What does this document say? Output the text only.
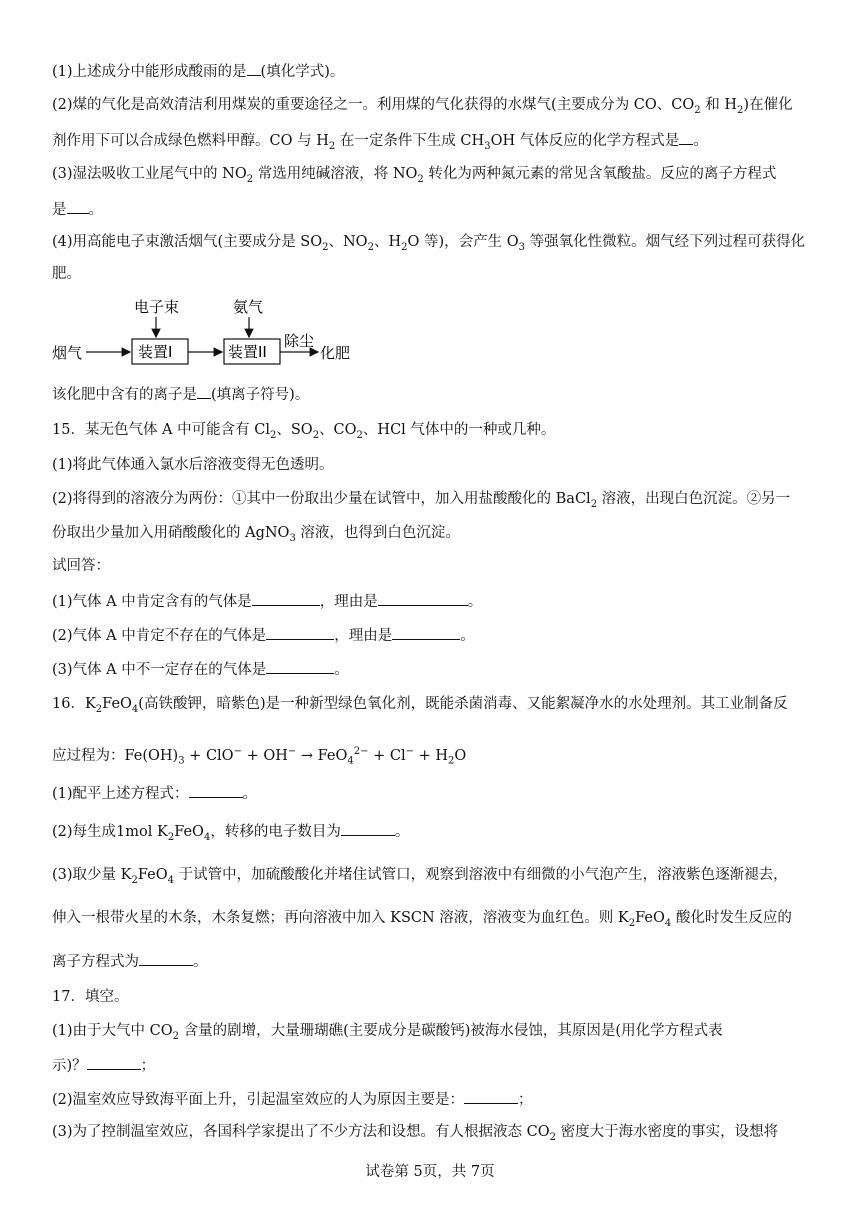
(1)上述成分中能形成酸雨的是 (填化学式)。
(2)煤的气化是高效清洁利用煤炭的重要途径之一。利用煤的气化获得的水煤气(主要成分为 CO、$CO_2$ 和 $H_2$)在催化
剂作用下可以合成绿色燃料甲醇。CO 与 $H_2$ 在一定条件下生成 $CH_3OH$ 气体反应的化学方程式是 。
(3)湿法吸收工业尾气中的 $NO_2$ 常选用纯碱溶液，将 $NO_2$ 转化为两种氮元素的常见含氧酸盐。反应的离子方程式
是 。
(4)用高能电子束激活烟气(主要成分是 $SO_2$、$NO_2$、$H_2O$ 等)，会产生 $O_3$ 等强氧化性微粒。烟气经下列过程可获得化
肥。
烟气
电子束
装置I
氨气
装置II
除尘
化肥
该化肥中含有的离子是 (填离子符号)。
15．某无色气体 A 中可能含有 $Cl_2$、$SO_2$、$CO_2$、HCl 气体中的一种或几种。
(1)将此气体通入氯水后溶液变得无色透明。
(2)将得到的溶液分为两份：①其中一份取出少量在试管中，加入用盐酸酸化的 BaCl$_2$ 溶液，出现白色沉淀。②另一
份取出少量加入用硝酸酸化的 AgNO$_3$ 溶液，也得到白色沉淀。
试回答：
(1)气体 A 中肯定含有的气体是	，理由是	。
(2)气体 A 中肯定不存在的气体是	，理由是	。
(3)气体 A 中不一定存在的气体是	。
16．$K_2FeO_4$(高铁酸钾，暗紫色)是一种新型绿色氧化剂，既能杀菌消毒、又能絮凝净水的水处理剂。其工业制备反
应过程为：$Fe(OH)_3 + ClO^- + OH^- \to FeO_4^{2-} + Cl^- + H_2O$
(1)配平上述方程式：	。
(2)每生成1mol $K_2FeO_4$，转移的电子数目为	。
(3)取少量 $K_2FeO_4$ 于试管中，加硫酸酸化并堵住试管口，观察到溶液中有细微的小气泡产生，溶液紫色逐渐褪去，
伸入一根带火星的木条，木条复燃；再向溶液中加入 KSCN 溶液，溶液变为血红色。则 $K_2FeO_4$ 酸化时发生反应的
离子方程式为	。
17．填空。
(1)由于大气中 $CO_2$ 含量的剧增，大量珊瑚礁(主要成分是碳酸钙)被海水侵蚀，其原因是(用化学方程式表
示)？	；
(2)温室效应导致海平面上升，引起温室效应的人为原因主要是：	；
(3)为了控制温室效应，各国科学家提出了不少方法和设想。有人根据液态 $CO_2$ 密度大于海水密度的事实，设想将
试卷第 5页，共 7页
